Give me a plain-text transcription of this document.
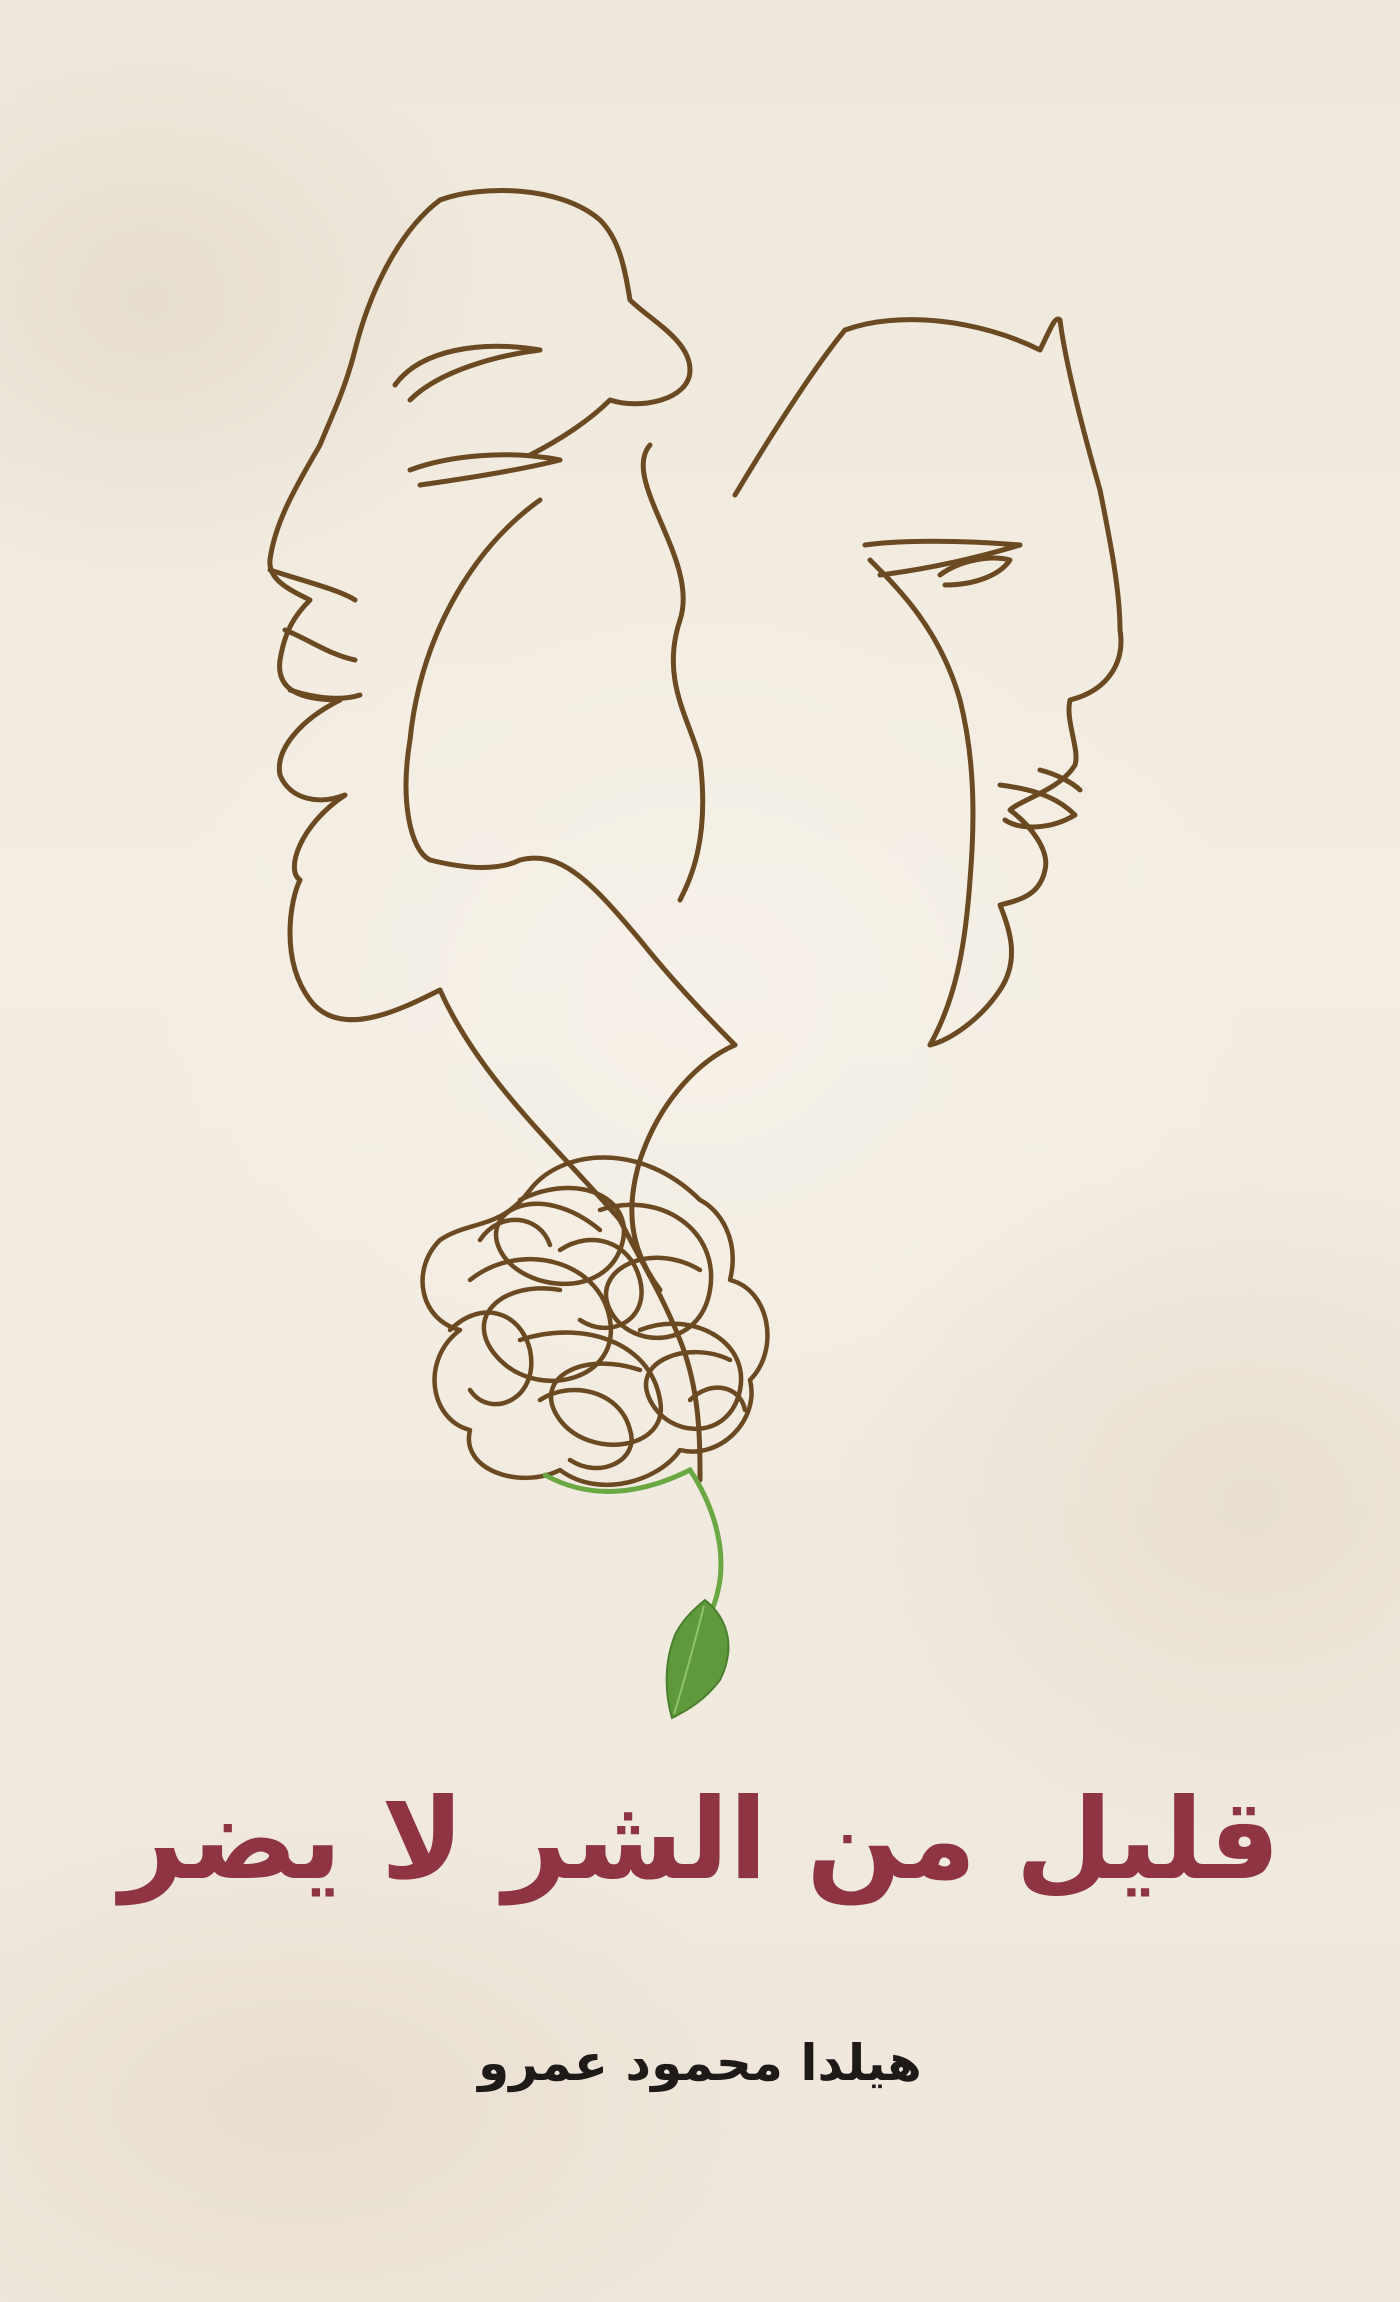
قليل من الشر لا يضر
هيلدا محمود عمرو
